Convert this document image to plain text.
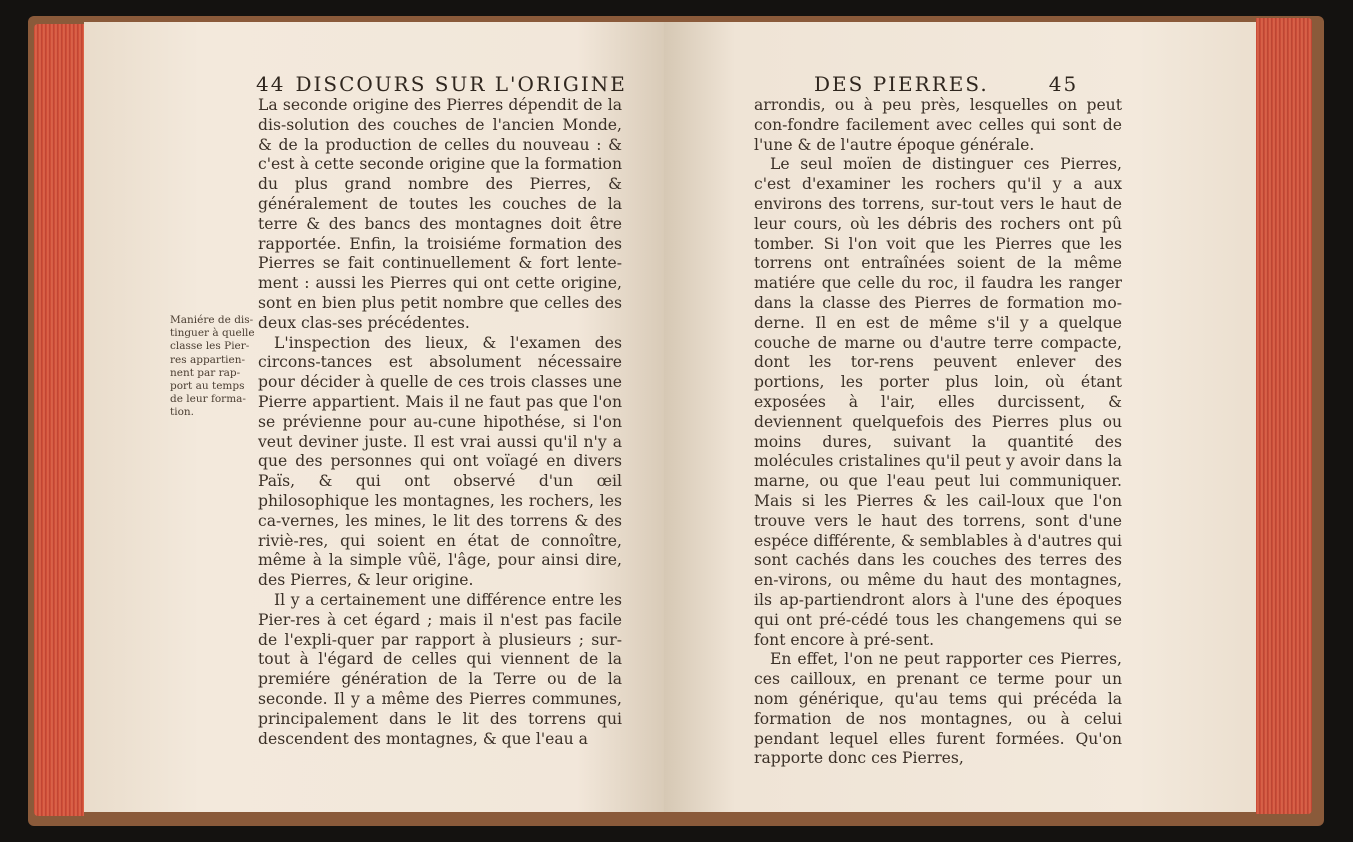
44 DISCOURS SUR L'ORIGINE
Maniére de dis-tinguer à quelle classe les Pier-res appartien-nent par rap-port au temps de leur forma-tion.

La seconde origine des Pierres dépendit de la dis-solution des couches de l'ancien Monde, & de la production de celles du nouveau : & c'est à cette seconde origine que la formation du plus grand nombre des Pierres, & généralement de toutes les couches de la terre & des bancs des montagnes doit être rapportée. Enfin, la troisiéme formation des Pierres se fait continuellement & fort lente-ment : aussi les Pierres qui ont cette origine, sont en bien plus petit nombre que celles des deux clas-ses précédentes.

L'inspection des lieux, & l'examen des circons-tances est absolument nécessaire pour décider à quelle de ces trois classes une Pierre appartient. Mais il ne faut pas que l'on se prévienne pour au-cune hipothése, si l'on veut deviner juste. Il est vrai aussi qu'il n'y a que des personnes qui ont voïagé en divers Païs, & qui ont observé d'un œil philosophique les montagnes, les rochers, les ca-vernes, les mines, le lit des torrens & des riviè-res, qui soient en état de connoître, même à la simple vûë, l'âge, pour ainsi dire, des Pierres, & leur origine.

Il y a certainement une différence entre les Pier-res à cet égard ; mais il n'est pas facile de l'expli-quer par rapport à plusieurs ; sur-tout à l'égard de celles qui viennent de la premiére génération de la Terre ou de la seconde. Il y a même des Pierres communes, principalement dans le lit des torrens qui descendent des montagnes, & que l'eau a

DES PIERRES.	45

arrondis, ou à peu près, lesquelles on peut con-fondre facilement avec celles qui sont de l'une & de l'autre époque générale.

Le seul moïen de distinguer ces Pierres, c'est d'examiner les rochers qu'il y a aux environs des torrens, sur-tout vers le haut de leur cours, où les débris des rochers ont pû tomber. Si l'on voit que les Pierres que les torrens ont entraînées soient de la même matiére que celle du roc, il faudra les ranger dans la classe des Pierres de formation mo-derne. Il en est de même s'il y a quelque couche de marne ou d'autre terre compacte, dont les tor-rens peuvent enlever des portions, les porter plus loin, où étant exposées à l'air, elles durcissent, & deviennent quelquefois des Pierres plus ou moins dures, suivant la quantité des molécules cristalines qu'il peut y avoir dans la marne, ou que l'eau peut lui communiquer. Mais si les Pierres & les cail-loux que l'on trouve vers le haut des torrens, sont d'une espéce différente, & semblables à d'autres qui sont cachés dans les couches des terres des en-virons, ou même du haut des montagnes, ils ap-partiendront alors à l'une des époques qui ont pré-cédé tous les changemens qui se font encore à pré-sent.

En effet, l'on ne peut rapporter ces Pierres, ces cailloux, en prenant ce terme pour un nom générique, qu'au tems qui précéda la formation de nos montagnes, ou à celui pendant lequel elles furent formées. Qu'on rapporte donc ces Pierres,
